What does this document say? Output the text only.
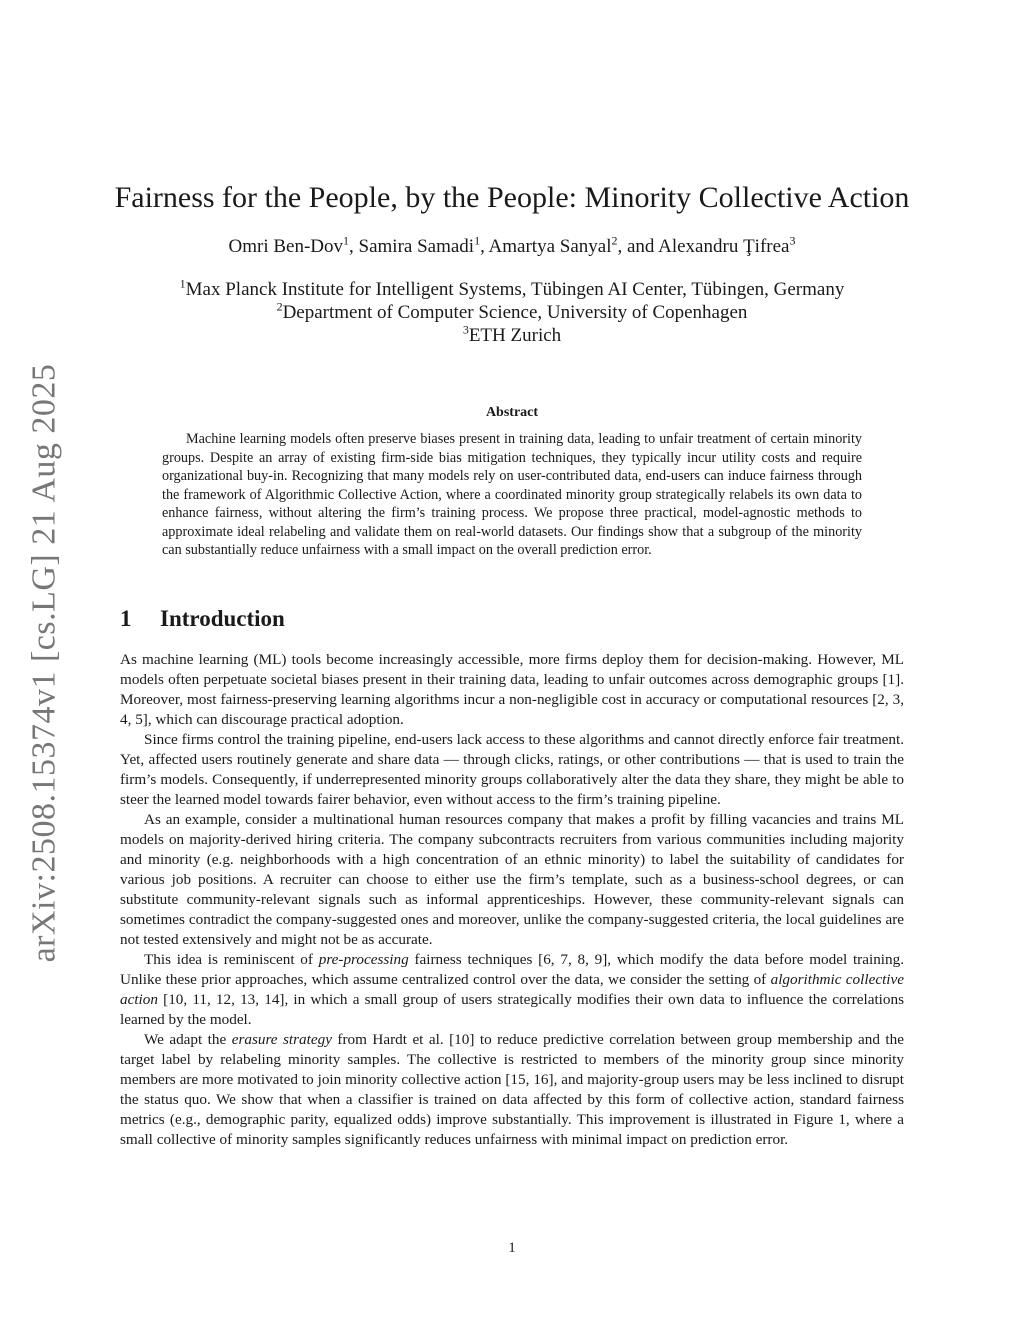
arXiv:2508.15374v1 [cs.LG] 21 Aug 2025
Fairness for the People, by the People: Minority Collective Action
Omri Ben-Dov$^1$, Samira Samadi$^1$, Amartya Sanyal$^2$, and Alexandru Ţifrea$^3$
$^1$Max Planck Institute for Intelligent Systems, Tübingen AI Center, Tübingen, Germany
$^2$Department of Computer Science, University of Copenhagen
$^3$ETH Zurich
Abstract

Machine learning models often preserve biases present in training data, leading to unfair treatment of certain minority groups. Despite an array of existing firm-side bias mitigation techniques, they typically incur utility costs and require organizational buy-in. Recognizing that many models rely on user-contributed data, end-users can induce fairness through the framework of Algorithmic Collective Action, where a coordinated minority group strategically relabels its own data to enhance fairness, without altering the firm’s training process. We propose three practical, model-agnostic methods to approximate ideal relabeling and validate them on real-world datasets. Our findings show that a subgroup of the minority can substantially reduce unfairness with a small impact on the overall prediction error.

1 Introduction

As machine learning (ML) tools become increasingly accessible, more firms deploy them for decision-making. However, ML models often perpetuate societal biases present in their training data, leading to unfair outcomes across demographic groups [1]. Moreover, most fairness-preserving learning algorithms incur a non-negligible cost in accuracy or computational resources [2, 3, 4, 5], which can discourage practical adoption.

Since firms control the training pipeline, end-users lack access to these algorithms and cannot directly enforce fair treatment. Yet, affected users routinely generate and share data — through clicks, ratings, or other contributions — that is used to train the firm’s models. Consequently, if underrepresented minority groups collaboratively alter the data they share, they might be able to steer the learned model towards fairer behavior, even without access to the firm’s training pipeline.

As an example, consider a multinational human resources company that makes a profit by filling vacancies and trains ML models on majority-derived hiring criteria. The company subcontracts recruiters from various communities including majority and minority (e.g. neighborhoods with a high concentration of an ethnic minority) to label the suitability of candidates for various job positions. A recruiter can choose to either use the firm’s template, such as a business-school degrees, or can substitute community-relevant signals such as informal apprenticeships. However, these community-relevant signals can sometimes contradict the company-suggested ones and moreover, unlike the company-suggested criteria, the local guidelines are not tested extensively and might not be as accurate.

This idea is reminiscent of pre-processing fairness techniques [6, 7, 8, 9], which modify the data before model training. Unlike these prior approaches, which assume centralized control over the data, we consider the setting of algorithmic collective action [10, 11, 12, 13, 14], in which a small group of users strategically modifies their own data to influence the correlations learned by the model.

We adapt the erasure strategy from Hardt et al. [10] to reduce predictive correlation between group membership and the target label by relabeling minority samples. The collective is restricted to members of the minority group since minority members are more motivated to join minority collective action [15, 16], and majority-group users may be less inclined to disrupt the status quo. We show that when a classifier is trained on data affected by this form of collective action, standard fairness metrics (e.g., demographic parity, equalized odds) improve substantially. This improvement is illustrated in Figure 1, where a small collective of minority samples significantly reduces unfairness with minimal impact on prediction error.

1
